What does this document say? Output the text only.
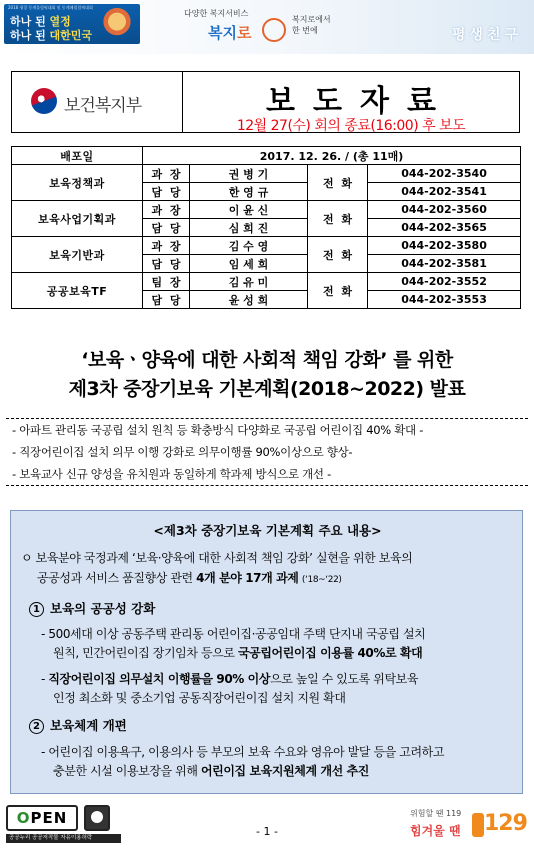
2018 평창 동계올림픽대회 및 동계패럴림픽대회
하나 된 열정
하나 된 대한민국
다양한 복지서비스
복지로
복지로에서 한 번에	평생친구
보건복지부	보도자료
12월 27(수) 회의 종료(16:00) 후 보도
배포일	2017. 12. 26. / (총 11매)			
보육정책과	과  장	권 병 기	전  화	044-202-3540
	담  당	한 영 규		044-202-3541
보육사업기획과	과  장	이 윤 신	전  화	044-202-3560
	담  당	심 희 진		044-202-3565
보육기반과	과  장	김 수 영	전  화	044-202-3580
	담  당	임 세 희		044-202-3581
공공보육TF	팀  장	김 유 미	전  화	044-202-3552
	담  당	윤 성 희		044-202-3553
‘보육ㆍ양육에 대한 사회적 책임 강화’ 를 위한
제3차 중장기보육 기본계획(2018~2022) 발표
- 아파트 관리동 국공립 설치 원칙 등 확충방식 다양화로 국공립 어린이집 40% 확대 -
- 직장어린이집 설치 의무 이행 강화로 의무이행률 90%이상으로 향상-
- 보육교사 신규 양성을 유치원과 동일하게 학과제 방식으로 개선 -
<제3차 중장기보육 기본계획 주요 내용>
ㅇ 보육분야 국정과제 ‘보육·양육에 대한 사회적 책임 강화’ 실현을 위한 보육의
공공성과 서비스 품질향상 관련 4개 분야 17개 과제 (‘18~‘22)
1 보육의 공공성 강화
- 500세대 이상 공동주택 관리동 어린이집·공공임대 주택 단지내 국공립 설치
원칙, 민간어린이집 장기임차 등으로 국공립어린이집 이용률 40%로 확대
- 직장어린이집 의무설치 이행률을 90% 이상으로 높일 수 있도록 위탁보육
인정 최소화 및 중소기업 공동직장어린이집 설치 지원 확대
2 보육체계 개편
- 어린이집 이용욕구, 이용의사 등 부모의 보육 수요와 영유아 발달 등을 고려하고
충분한 시설 이용보장을 위해 어린이집 보육지원체계 개선 추진
OPEN
공공누리 공공저작물 자유이용허락	- 1 -
위험할 땐 119
힘겨울 땐 129
